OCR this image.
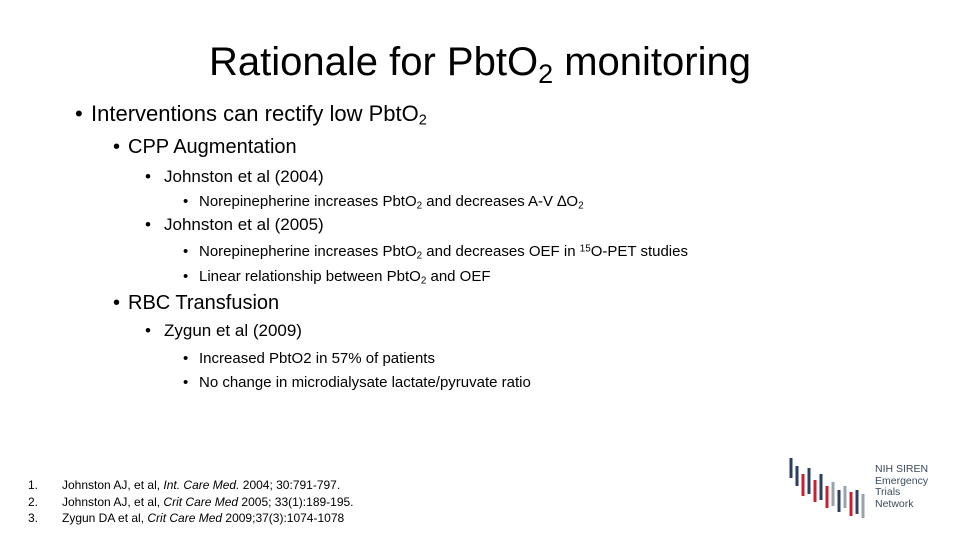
Rationale for PbtO$_2$ monitoring
• Interventions can rectify low PbtO$_2$
• CPP Augmentation
• Johnston et al (2004)
• Norepinepherine increases PbtO$_2$ and decreases A-V $\Delta O_2$
• Johnston et al (2005)
• Norepinepherine increases PbtO$_2$ and decreases OEF in $^{15}$O-PET studies
• Linear relationship between PbtO$_2$ and OEF
• RBC Transfusion
• Zygun et al (2009)
• Increased PbtO2 in 57% of patients
• No change in microdialysate lactate/pyruvate ratio
1.	Johnston AJ, et al, Int. Care Med. 2004; 30:791-797.
2.	Johnston AJ, et al, Crit Care Med 2005; 33(1):189-195.
3.	Zygun DA et al, Crit Care Med 2009;37(3):1074-1078
NIH SIREN
Emergency
Trials
Network
